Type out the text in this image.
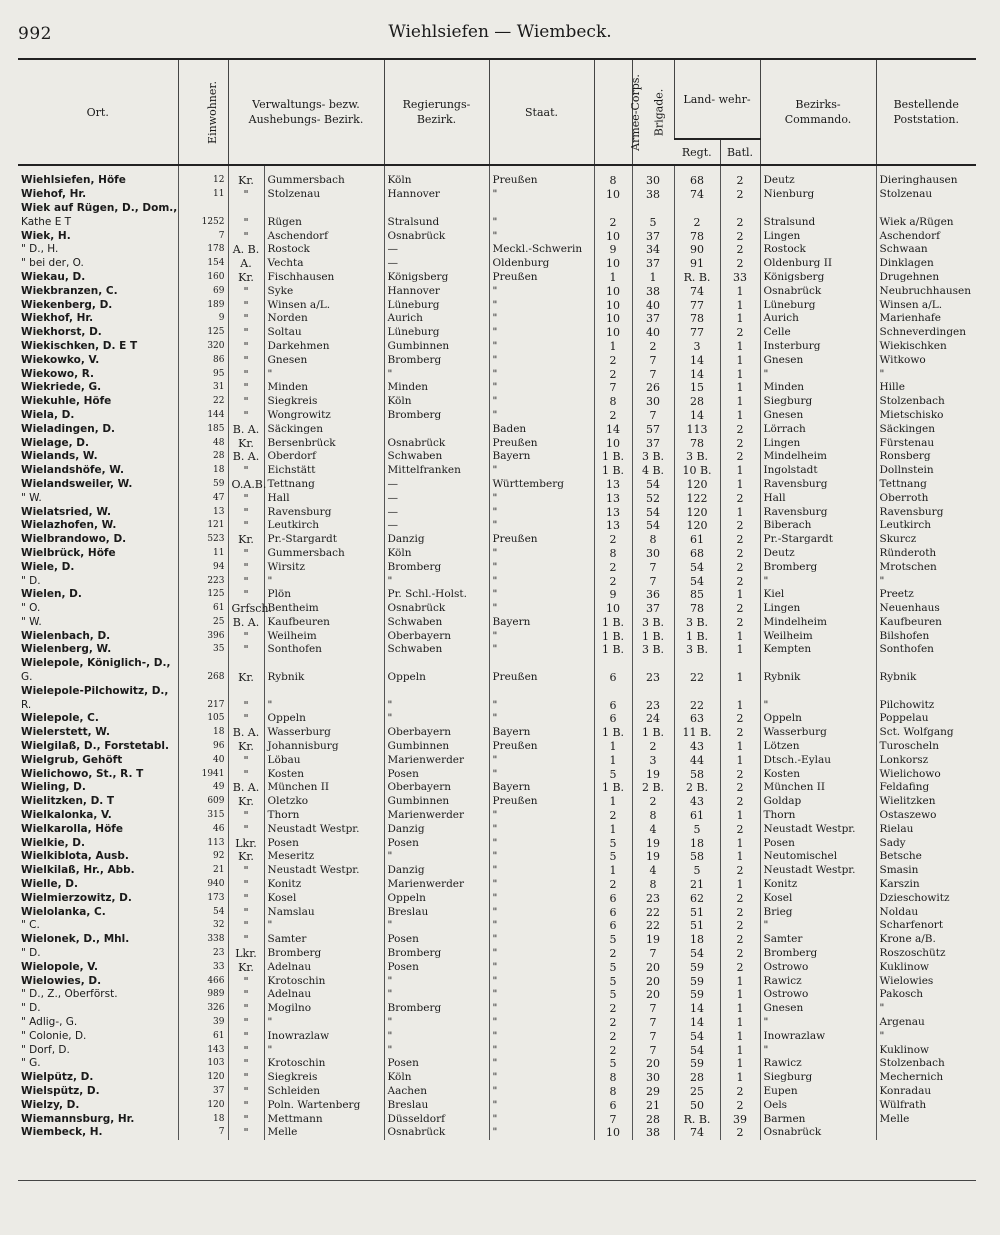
992	Wiehlsiefen — Wiembeck.
Ort.	Einwohner.	Verwaltungs- bezw. Aushebungs- Bezirk.		Regierungs- Bezirk.	Staat.	Armee-Corps.	Brigade.	Land- wehr-		Bezirks- Commando.	Bestellende Poststation.
								Regt.	Batl.		
Wiehlsiefen, Höfe	12	Kr.	Gummersbach	Köln	Preußen	8	30	68	2	Deutz	Dieringhausen
Wiehof, Hr.	11	"	Stolzenau	Hannover	"	10	38	74	2	Nienburg	Stolzenau
Wiek auf Rügen, D., Dom.,											
Kathe E T	1252	"	Rügen	Stralsund	"	2	5	2	2	Stralsund	Wiek a/Rügen
Wiek, H.	7	"	Aschendorf	Osnabrück	"	10	37	78	2	Lingen	Aschendorf
" D., H.	178	A. B.	Rostock	—	Meckl.-Schwerin	9	34	90	2	Rostock	Schwaan
" bei der, O.	154	A.	Vechta	—	Oldenburg	10	37	91	2	Oldenburg II	Dinklagen
Wiekau, D.	160	Kr.	Fischhausen	Königsberg	Preußen	1	1	R. B.	33	Königsberg	Drugehnen
Wiekbranzen, C.	69	"	Syke	Hannover	"	10	38	74	1	Osnabrück	Neubruchhausen
Wiekenberg, D.	189	"	Winsen a/L.	Lüneburg	"	10	40	77	1	Lüneburg	Winsen a/L.
Wiekhof, Hr.	9	"	Norden	Aurich	"	10	37	78	1	Aurich	Marienhafe
Wiekhorst, D.	125	"	Soltau	Lüneburg	"	10	40	77	2	Celle	Schneverdingen
Wiekischken, D. E T	320	"	Darkehmen	Gumbinnen	"	1	2	3	1	Insterburg	Wiekischken
Wiekowko, V.	86	"	Gnesen	Bromberg	"	2	7	14	1	Gnesen	Witkowo
Wiekowo, R.	95	"	"	"	"	2	7	14	1	"	"
Wiekriede, G.	31	"	Minden	Minden	"	7	26	15	1	Minden	Hille
Wiekuhle, Höfe	22	"	Siegkreis	Köln	"	8	30	28	1	Siegburg	Stolzenbach
Wiela, D.	144	"	Wongrowitz	Bromberg	"	2	7	14	1	Gnesen	Mietschisko
Wieladingen, D.	185	B. A.	Säckingen		Baden	14	57	113	2	Lörrach	Säckingen
Wielage, D.	48	Kr.	Bersenbrück	Osnabrück	Preußen	10	37	78	2	Lingen	Fürstenau
Wielands, W.	28	B. A.	Oberdorf	Schwaben	Bayern	1 B.	3 B.	3 B.	2	Mindelheim	Ronsberg
Wielandshöfe, W.	18	"	Eichstätt	Mittelfranken	"	1 B.	4 B.	10 B.	1	Ingolstadt	Dollnstein
Wielandsweiler, W.	59	O.A.B.	Tettnang	—	Württemberg	13	54	120	1	Ravensburg	Tettnang
" W.	47	"	Hall	—	"	13	52	122	2	Hall	Oberroth
Wielatsried, W.	13	"	Ravensburg	—	"	13	54	120	1	Ravensburg	Ravensburg
Wielazhofen, W.	121	"	Leutkirch	—	"	13	54	120	2	Biberach	Leutkirch
Wielbrandowo, D.	523	Kr.	Pr.-Stargardt	Danzig	Preußen	2	8	61	2	Pr.-Stargardt	Skurcz
Wielbrück, Höfe	11	"	Gummersbach	Köln	"	8	30	68	2	Deutz	Ründeroth
Wiele, D.	94	"	Wirsitz	Bromberg	"	2	7	54	2	Bromberg	Mrotschen
" D.	223	"	"	"	"	2	7	54	2	"	"
Wielen, D.	125	"	Plön	Pr. Schl.-Holst.	"	9	36	85	1	Kiel	Preetz
" O.	61	Grfsch.	Bentheim	Osnabrück	"	10	37	78	2	Lingen	Neuenhaus
" W.	25	B. A.	Kaufbeuren	Schwaben	Bayern	1 B.	3 B.	3 B.	2	Mindelheim	Kaufbeuren
Wielenbach, D.	396	"	Weilheim	Oberbayern	"	1 B.	1 B.	1 B.	1	Weilheim	Bilshofen
Wielenberg, W.	35	"	Sonthofen	Schwaben	"	1 B.	3 B.	3 B.	1	Kempten	Sonthofen
Wielepole, Königlich-, D.,											
G.	268	Kr.	Rybnik	Oppeln	Preußen	6	23	22	1	Rybnik	Rybnik
Wielepole-Pilchowitz, D.,											
R.	217	"	"	"	"	6	23	22	1	"	Pilchowitz
Wielepole, C.	105	"	Oppeln	"	"	6	24	63	2	Oppeln	Poppelau
Wielerstett, W.	18	B. A.	Wasserburg	Oberbayern	Bayern	1 B.	1 B.	11 B.	2	Wasserburg	Sct. Wolfgang
Wielgilaß, D., Forstetabl.	96	Kr.	Johannisburg	Gumbinnen	Preußen	1	2	43	1	Lötzen	Turoscheln
Wielgrub, Gehöft	40	"	Löbau	Marienwerder	"	1	3	44	1	Dtsch.-Eylau	Lonkorsz
Wielichowo, St., R. T	1941	"	Kosten	Posen	"	5	19	58	2	Kosten	Wielichowo
Wieling, D.	49	B. A.	München II	Oberbayern	Bayern	1 B.	2 B.	2 B.	2	München II	Feldafing
Wielitzken, D. T	609	Kr.	Oletzko	Gumbinnen	Preußen	1	2	43	2	Goldap	Wielitzken
Wielkalonka, V.	315	"	Thorn	Marienwerder	"	2	8	61	1	Thorn	Ostaszewo
Wielkarolla, Höfe	46	"	Neustadt Westpr.	Danzig	"	1	4	5	2	Neustadt Westpr.	Rielau
Wielkie, D.	113	Lkr.	Posen	Posen	"	5	19	18	1	Posen	Sady
Wielkiblota, Ausb.	92	Kr.	Meseritz	"	"	5	19	58	1	Neutomischel	Betsche
Wielkilaß, Hr., Abb.	21	"	Neustadt Westpr.	Danzig	"	1	4	5	2	Neustadt Westpr.	Smasin
Wielle, D.	940	"	Konitz	Marienwerder	"	2	8	21	1	Konitz	Karszin
Wielmierzowitz, D.	173	"	Kosel	Oppeln	"	6	23	62	2	Kosel	Dzieschowitz
Wielolanka, C.	54	"	Namslau	Breslau	"	6	22	51	2	Brieg	Noldau
" C.	32	"	"	"	"	6	22	51	2	"	Scharfenort
Wielonek, D., Mhl.	338	"	Samter	Posen	"	5	19	18	2	Samter	Krone a/B.
" D.	23	Lkr.	Bromberg	Bromberg	"	2	7	54	2	Bromberg	Roszoschütz
Wielopole, V.	33	Kr.	Adelnau	Posen	"	5	20	59	2	Ostrowo	Kuklinow
Wielowies, D.	466	"	Krotoschin	"	"	5	20	59	1	Rawicz	Wielowies
" D., Z., Oberförst.	989	"	Adelnau	"	"	5	20	59	1	Ostrowo	Pakosch
" D.	326	"	Mogilno	Bromberg	"	2	7	14	1	Gnesen	"
" Adlig-, G.	39	"	"	"	"	2	7	14	1	"	Argenau
" Colonie, D.	61	"	Inowrazlaw	"	"	2	7	54	1	Inowrazlaw	"
" Dorf, D.	143	"	"	"	"	2	7	54	1	"	Kuklinow
" G.	103	"	Krotoschin	Posen	"	5	20	59	1	Rawicz	Stolzenbach
Wielpütz, D.	120	"	Siegkreis	Köln	"	8	30	28	1	Siegburg	Mechernich
Wielspütz, D.	37	"	Schleiden	Aachen	"	8	29	25	2	Eupen	Konradau
Wielzy, D.	120	"	Poln. Wartenberg	Breslau	"	6	21	50	2	Oels	Wülfrath
Wiemannsburg, Hr.	18	"	Mettmann	Düsseldorf	"	7	28	R. B.	39	Barmen	Melle
Wiembeck, H.	7	"	Melle	Osnabrück	"	10	38	74	2	Osnabrück	
